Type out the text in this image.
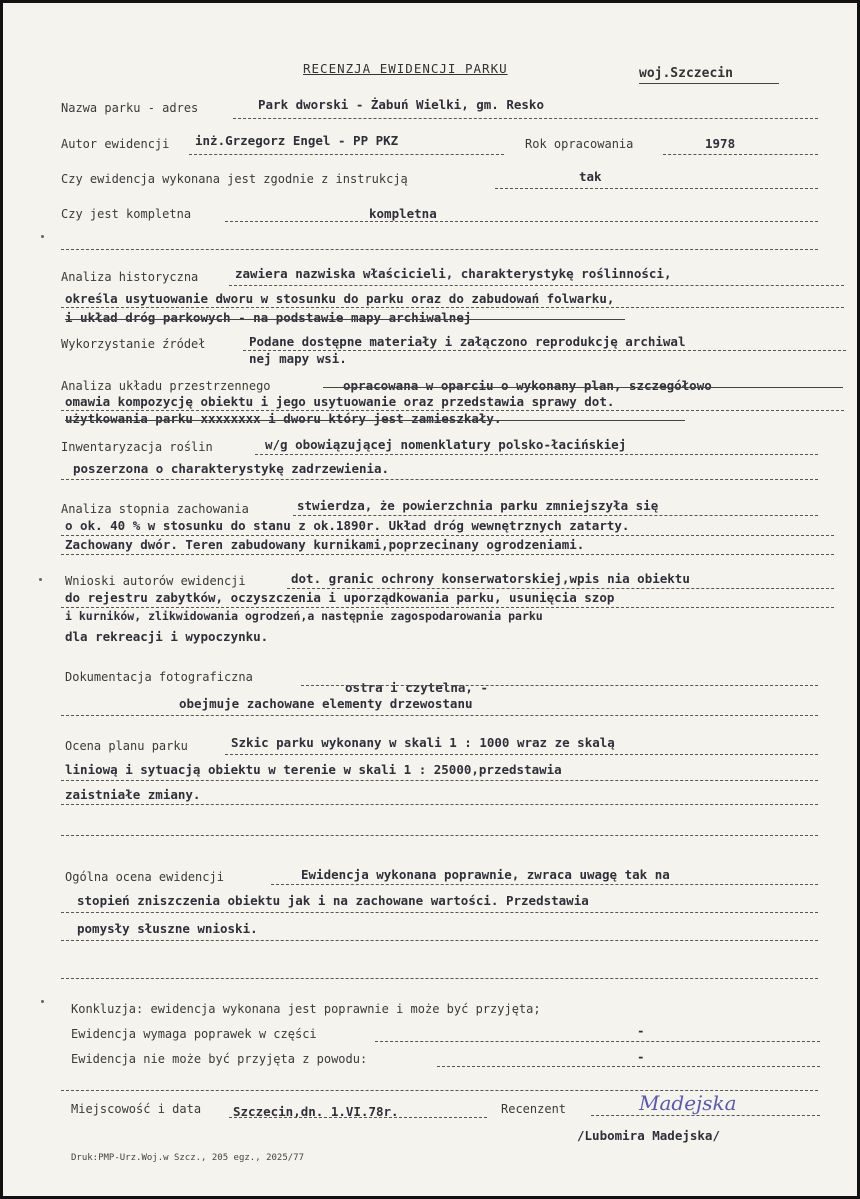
RECENZJA EWIDENCJI PARKU	woj.Szczecin
Nazwa parku - adres	Park dworski - Żabuń Wielki, gm. Resko
Autor ewidencji inż.Grzegorz Engel - PP PKZ	Rok opracowania	1978
Czy ewidencja wykonana jest zgodnie z instrukcją	tak
Czy jest kompletna	kompletna
Analiza historyczna	zawiera nazwiska właścicieli, charakterystykę roślinności,
określa usytuowanie dworu w stosunku do parku oraz do zabudowań folwarku,
i układ dróg parkowych - na podstawie mapy archiwalnej
Wykorzystanie źródeł	Podane dostępne materiały i załączono reprodukcję archiwal
nej mapy wsi.
Analiza układu przestrzennego	opracowana w oparciu o wykonany plan, szczegółowo
omawia kompozycję obiektu i jego usytuowanie oraz przedstawia sprawy dot.
użytkowania parku xxxxxxxx i dworu który jest zamieszkały.
Inwentaryzacja roślin	w/g obowiązującej nomenklatury polsko-łacińskiej
poszerzona o charakterystykę zadrzewienia.
Analiza stopnia zachowania	stwierdza, że powierzchnia parku zmniejszyła się
o ok. 40 % w stosunku do stanu z ok.1890r. Układ dróg wewnętrznych zatarty.
Zachowany dwór. Teren zabudowany kurnikami,poprzecinany ogrodzeniami.
Wnioski autorów ewidencji	dot. granic ochrony konserwatorskiej,wpis nia obiektu
do rejestru zabytków, oczyszczenia i uporządkowania parku, usunięcia szop
i kurników, zlikwidowania ogrodzeń,a następnie zagospodarowania parku
dla rekreacji i wypoczynku.
Dokumentacja fotograficzna
ostra i czytelna, -
obejmuje zachowane elementy drzewostanu
Ocena planu parku	Szkic parku wykonany w skali 1 : 1000 wraz ze skalą
liniową i sytuacją obiektu w terenie w skali 1 : 25000,przedstawia
zaistniałe zmiany.
Ogólna ocena ewidencji	Ewidencja wykonana poprawnie, zwraca uwagę tak na
stopień zniszczenia obiektu jak i na zachowane wartości. Przedstawia
pomysły słuszne wnioski.
Konkluzja: ewidencja wykonana jest poprawnie i może być przyjęta;
Ewidencja wymaga poprawek w części	-
Ewidencja nie może być przyjęta z powodu:	-
Miejscowość i data	Szczecin,dn. 1.VI.78r.	Recenzent	Madejska
/Lubomira Madejska/
Druk:PMP-Urz.Woj.w Szcz., 205 egz., 2025/77
